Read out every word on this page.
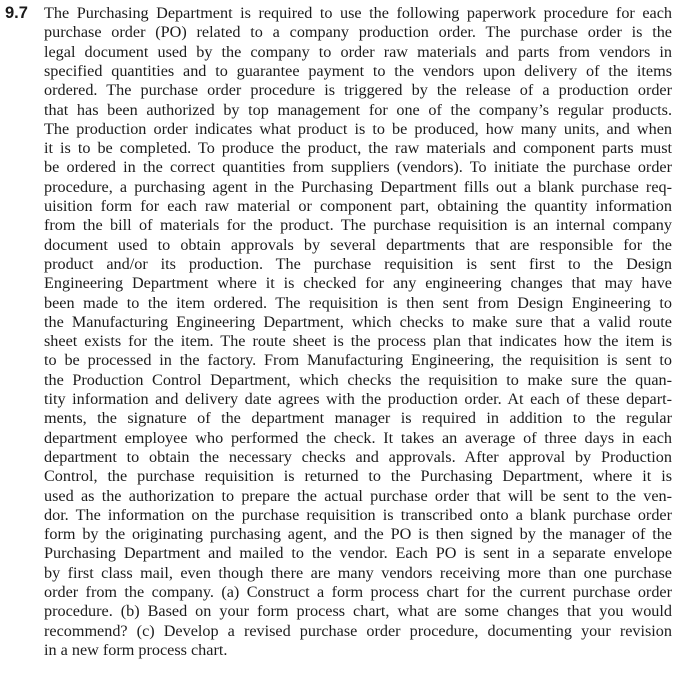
9.7 The Purchasing Department is required to use the following paperwork procedure for each
purchase order (PO) related to a company production order. The purchase order is the
legal document used by the company to order raw materials and parts from vendors in
specified quantities and to guarantee payment to the vendors upon delivery of the items
ordered. The purchase order procedure is triggered by the release of a production order
that has been authorized by top management for one of the company’s regular products.
The production order indicates what product is to be produced, how many units, and when
it is to be completed. To produce the product, the raw materials and component parts must
be ordered in the correct quantities from suppliers (vendors). To initiate the purchase order
procedure, a purchasing agent in the Purchasing Department fills out a blank purchase req-
uisition form for each raw material or component part, obtaining the quantity information
from the bill of materials for the product. The purchase requisition is an internal company
document used to obtain approvals by several departments that are responsible for the
product and/or its production. The purchase requisition is sent first to the Design
Engineering Department where it is checked for any engineering changes that may have
been made to the item ordered. The requisition is then sent from Design Engineering to
the Manufacturing Engineering Department, which checks to make sure that a valid route
sheet exists for the item. The route sheet is the process plan that indicates how the item is
to be processed in the factory. From Manufacturing Engineering, the requisition is sent to
the Production Control Department, which checks the requisition to make sure the quan-
tity information and delivery date agrees with the production order. At each of these depart-
ments, the signature of the department manager is required in addition to the regular
department employee who performed the check. It takes an average of three days in each
department to obtain the necessary checks and approvals. After approval by Production
Control, the purchase requisition is returned to the Purchasing Department, where it is
used as the authorization to prepare the actual purchase order that will be sent to the ven-
dor. The information on the purchase requisition is transcribed onto a blank purchase order
form by the originating purchasing agent, and the PO is then signed by the manager of the
Purchasing Department and mailed to the vendor. Each PO is sent in a separate envelope
by first class mail, even though there are many vendors receiving more than one purchase
order from the company. (a) Construct a form process chart for the current purchase order
procedure. (b) Based on your form process chart, what are some changes that you would
recommend? (c) Develop a revised purchase order procedure, documenting your revision
in a new form process chart.
